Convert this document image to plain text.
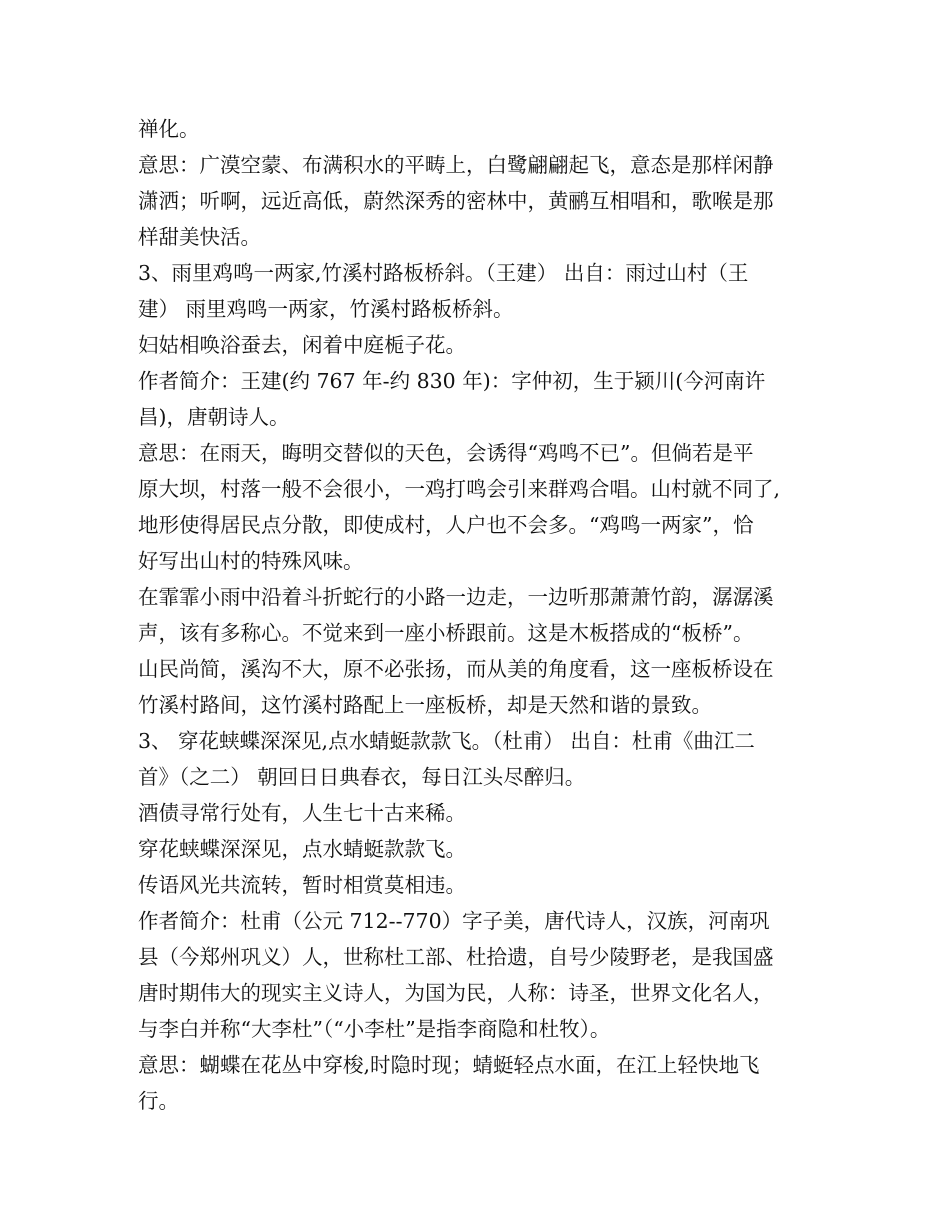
禅化。
意思：广漠空蒙、布满积水的平畴上，白鹭翩翩起飞，意态是那样闲静
潇洒；听啊，远近高低，蔚然深秀的密林中，黄鹂互相唱和，歌喉是那
样甜美快活。
3、雨里鸡鸣一两家,竹溪村路板桥斜。（王建） 出自：雨过山村（王
建） 雨里鸡鸣一两家，竹溪村路板桥斜。
妇姑相唤浴蚕去，闲着中庭栀子花。
作者简介：王建(约 767 年-约 830 年)：字仲初，生于颍川(今河南许
昌)，唐朝诗人。
意思：在雨天，晦明交替似的天色，会诱得“鸡鸣不已”。但倘若是平
原大坝，村落一般不会很小，一鸡打鸣会引来群鸡合唱。山村就不同了,
地形使得居民点分散，即使成村，人户也不会多。“鸡鸣一两家”，恰
好写出山村的特殊风味。
在霏霏小雨中沿着斗折蛇行的小路一边走，一边听那萧萧竹韵，潺潺溪
声，该有多称心。不觉来到一座小桥跟前。这是木板搭成的“板桥”。
山民尚简，溪沟不大，原不必张扬，而从美的角度看，这一座板桥设在
竹溪村路间，这竹溪村路配上一座板桥，却是天然和谐的景致。
3、 穿花蛱蝶深深见,点水蜻蜓款款飞。（杜甫） 出自：杜甫《曲江二
首》（之二） 朝回日日典春衣，每日江头尽醉归。
酒债寻常行处有，人生七十古来稀。
穿花蛱蝶深深见，点水蜻蜓款款飞。
传语风光共流转，暂时相赏莫相违。
作者简介：杜甫（公元 712--770）字子美，唐代诗人，汉族，河南巩
县（今郑州巩义）人，世称杜工部、杜拾遗，自号少陵野老，是我国盛
唐时期伟大的现实主义诗人，为国为民，人称：诗圣，世界文化名人，
与李白并称“大李杜”（“小李杜”是指李商隐和杜牧）。
意思：蝴蝶在花丛中穿梭,时隐时现；蜻蜓轻点水面，在江上轻快地飞
行。
